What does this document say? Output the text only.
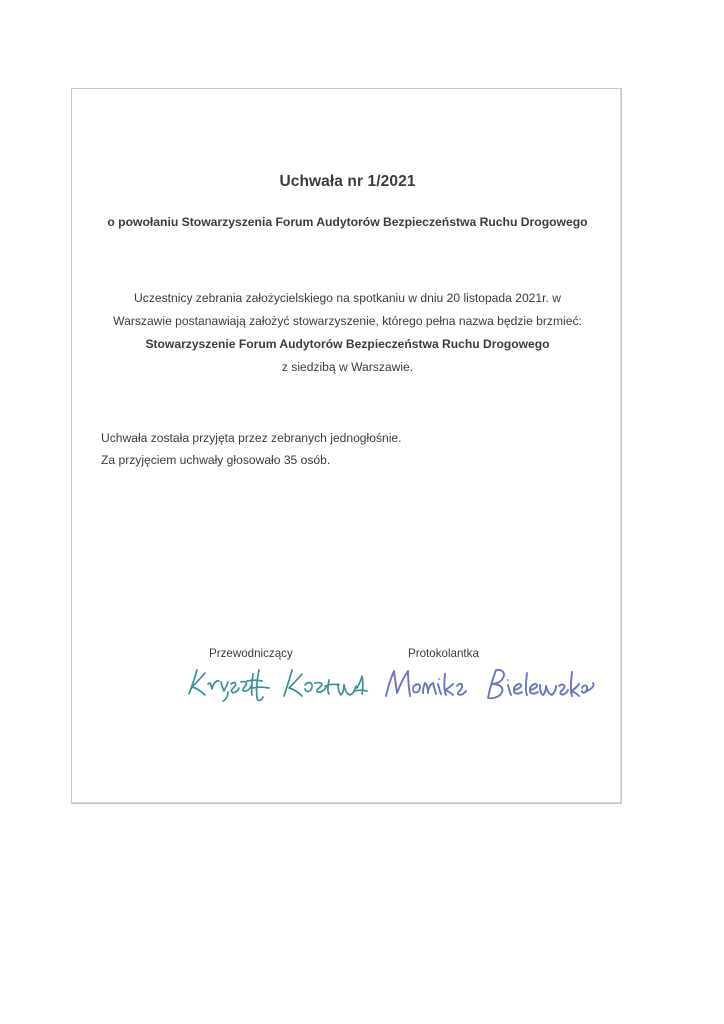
Uchwała nr 1/2021
o powołaniu Stowarzyszenia Forum Audytorów Bezpieczeństwa Ruchu Drogowego
Uczestnicy zebrania założycielskiego na spotkaniu w dniu 20 listopada 2021r. w
Warszawie postanawiają założyć stowarzyszenie, którego pełna nazwa będzie brzmieć:
Stowarzyszenie Forum Audytorów Bezpieczeństwa Ruchu Drogowego
z siedzibą w Warszawie.
Uchwała została przyjęta przez zebranych jednogłośnie.
Za przyjęciem uchwały głosowało 35 osób.
Przewodniczący	Protokolantka
